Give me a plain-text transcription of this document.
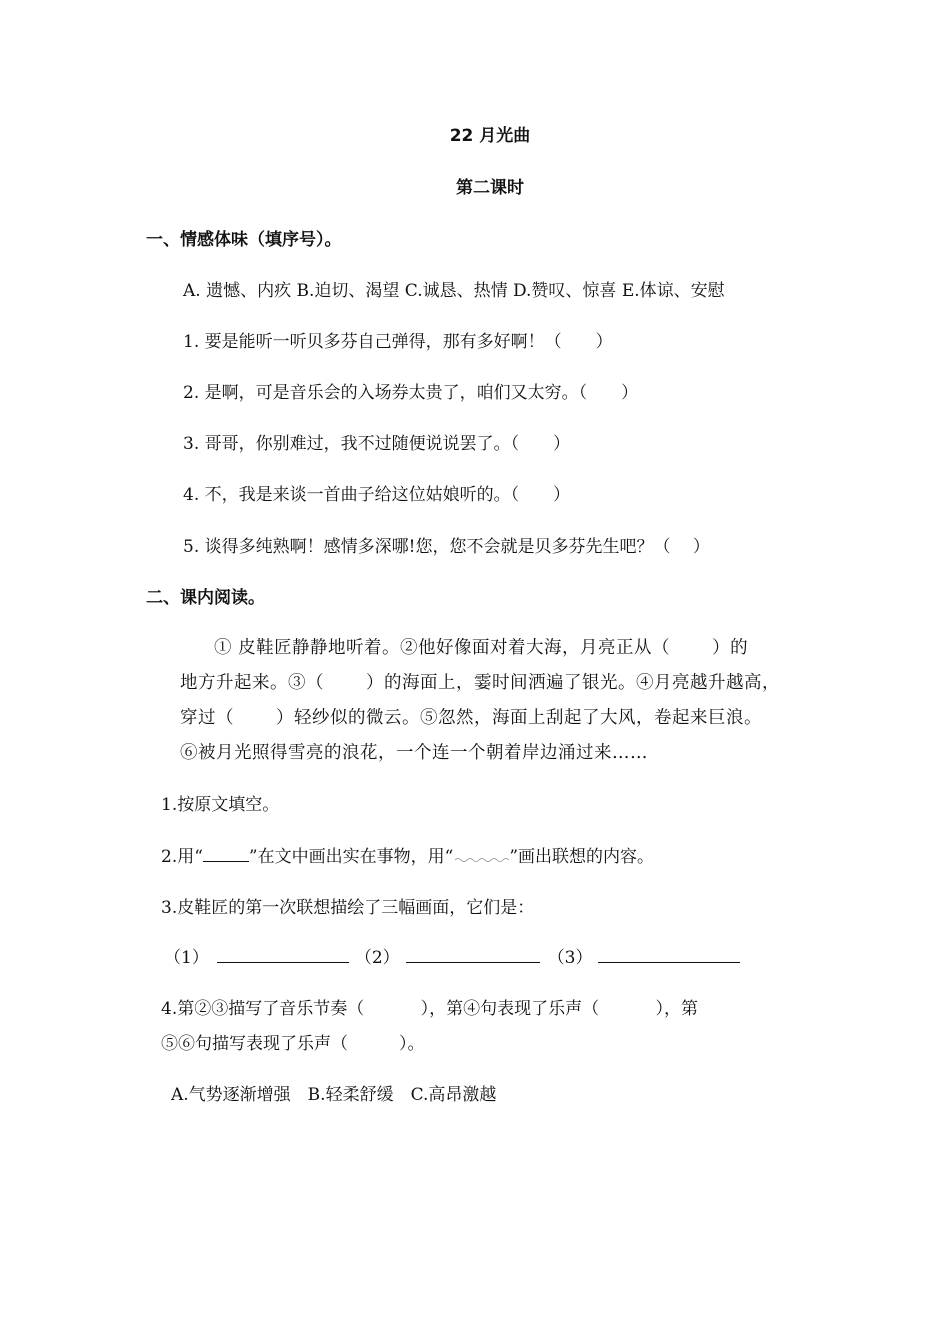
22 月光曲
第二课时
一、情感体味（填序号）。
A. 遗憾、内疚 B.迫切、渴望 C.诚恳、热情 D.赞叹、惊喜 E.体谅、安慰
1. 要是能听一听贝多芬自己弹得，那有多好啊！（　　）
2. 是啊，可是音乐会的入场券太贵了，咱们又太穷。（　　）
3. 哥哥，你别难过，我不过随便说说罢了。（　　）
4. 不，我是来谈一首曲子给这位姑娘听的。（　　）
5. 谈得多纯熟啊！感情多深哪!您，您不会就是贝多芬先生吧？（　 ）
二、课内阅读。
① 皮鞋匠静静地听着。②他好像面对着大海，月亮正从（　　 ）的
地方升起来。③（　　 ）的海面上，霎时间洒遍了银光。④月亮越升越高，
穿过（　　 ）轻纱似的微云。⑤忽然，海面上刮起了大风，卷起来巨浪。
⑥被月光照得雪亮的浪花，一个连一个朝着岸边涌过来……
1.按原文填空。
2.用“	”在文中画出实在事物，用“	”画出联想的内容。
3.皮鞋匠的第一次联想描绘了三幅画面，它们是：
（1）	（2）	（3）
4.第②③描写了音乐节奏（　　　 ），第④句表现了乐声（　　　 ），第
⑤⑥句描写表现了乐声（　　　）。
A.气势逐渐增强　B.轻柔舒缓　C.高昂激越
